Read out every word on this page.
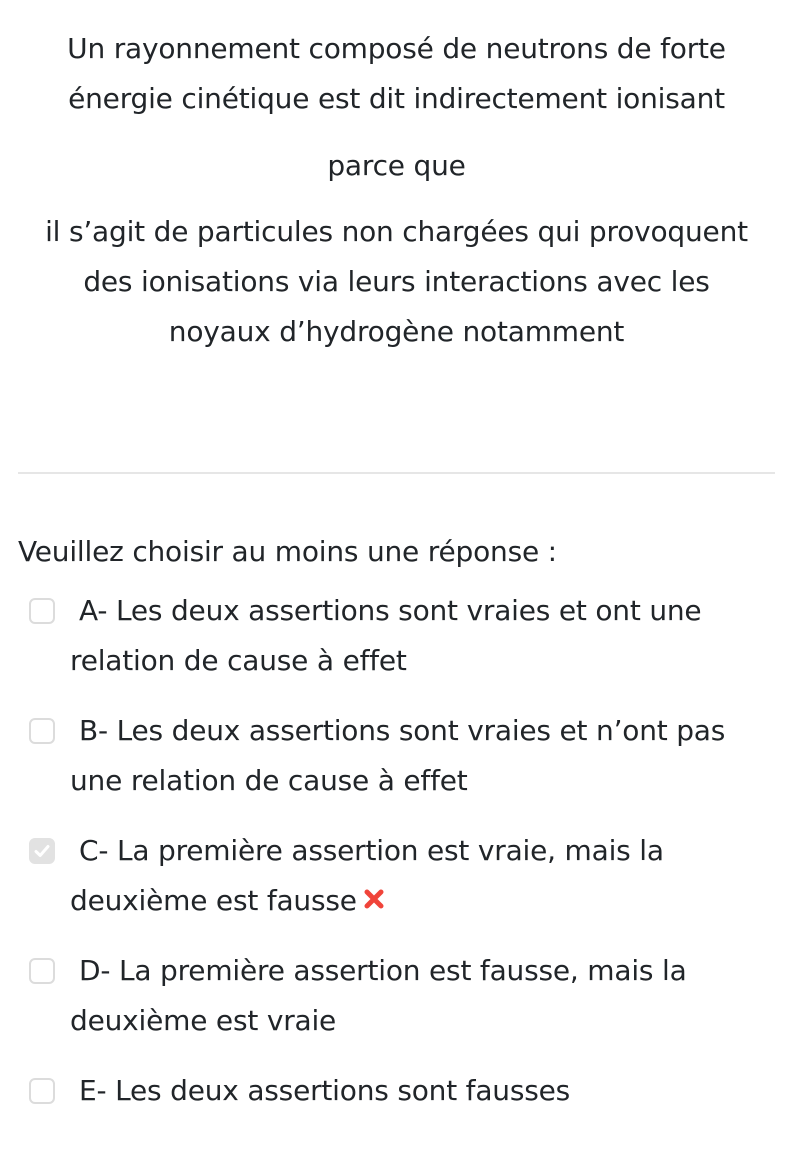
Un rayonnement composé de neutrons de forte
énergie cinétique est dit indirectement ionisant
parce que
il s’agit de particules non chargées qui provoquent
des ionisations via leurs interactions avec les
noyaux d’hydrogène notamment
Veuillez choisir au moins une réponse :
A- Les deux assertions sont vraies et ont une
relation de cause à effet
B- Les deux assertions sont vraies et n’ont pas
une relation de cause à effet
C- La première assertion est vraie, mais la
deuxième est fausse
D- La première assertion est fausse, mais la
deuxième est vraie
E- Les deux assertions sont fausses
